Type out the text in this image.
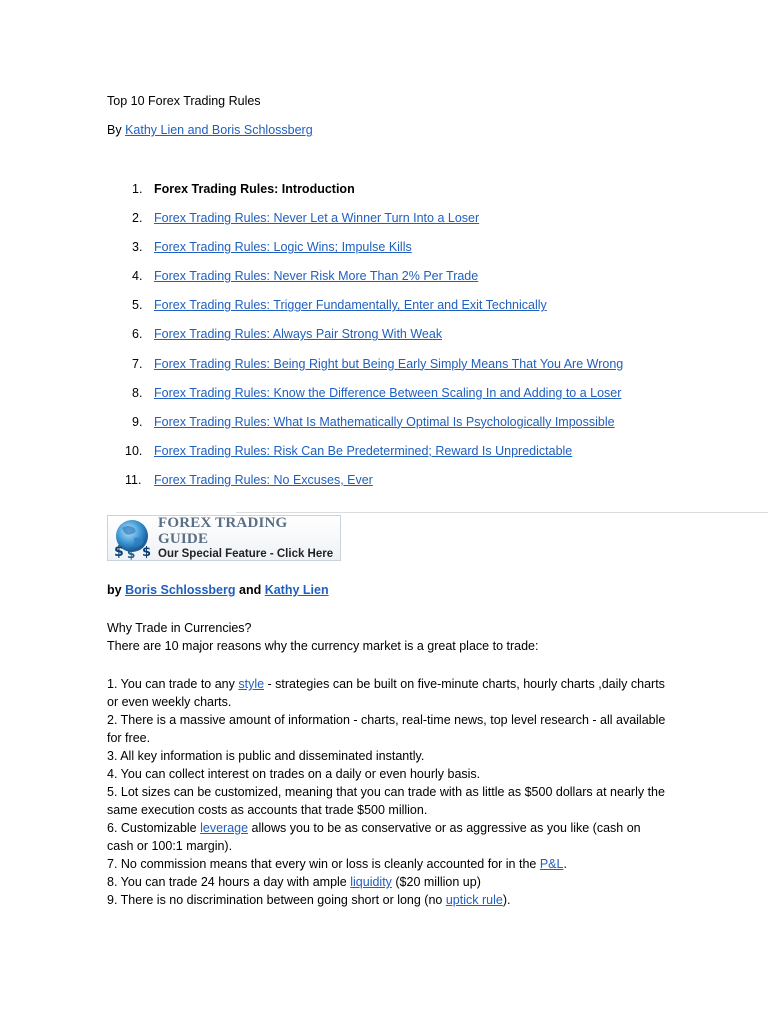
Top 10 Forex Trading Rules
By Kathy Lien and Boris Schlossberg
1. Forex Trading Rules: Introduction
2. Forex Trading Rules: Never Let a Winner Turn Into a Loser
3. Forex Trading Rules: Logic Wins; Impulse Kills
4. Forex Trading Rules: Never Risk More Than 2% Per Trade
5. Forex Trading Rules: Trigger Fundamentally, Enter and Exit Technically
6. Forex Trading Rules: Always Pair Strong With Weak
7. Forex Trading Rules: Being Right but Being Early Simply Means That You Are Wrong
8. Forex Trading Rules: Know the Difference Between Scaling In and Adding to a Loser
9. Forex Trading Rules: What Is Mathematically Optimal Is Psychologically Impossible
10. Forex Trading Rules: Risk Can Be Predetermined; Reward Is Unpredictable
11.	Forex Trading Rules: No Excuses, Ever
$ $
$
FOREX TRADING GUIDE
Our Special Feature - Click Here
by Boris Schlossberg and Kathy Lien
Why Trade in Currencies?
There are 10 major reasons why the currency market is a great place to trade:

1. You can trade to any style - strategies can be built on five-minute charts, hourly charts ,daily charts or even weekly charts.

2. There is a massive amount of information - charts, real-time news, top level research - all available for free.

3. All key information is public and disseminated instantly.

4. You can collect interest on trades on a daily or even hourly basis.

5. Lot sizes can be customized, meaning that you can trade with as little as $500 dollars at nearly the same execution costs as accounts that trade $500 million.

6. Customizable leverage allows you to be as conservative or as aggressive as you like (cash on cash or 100:1 margin).

7. No commission means that every win or loss is cleanly accounted for in the P&L.

8. You can trade 24 hours a day with ample liquidity ($20 million up)

9. There is no discrimination between going short or long (no uptick rule).
